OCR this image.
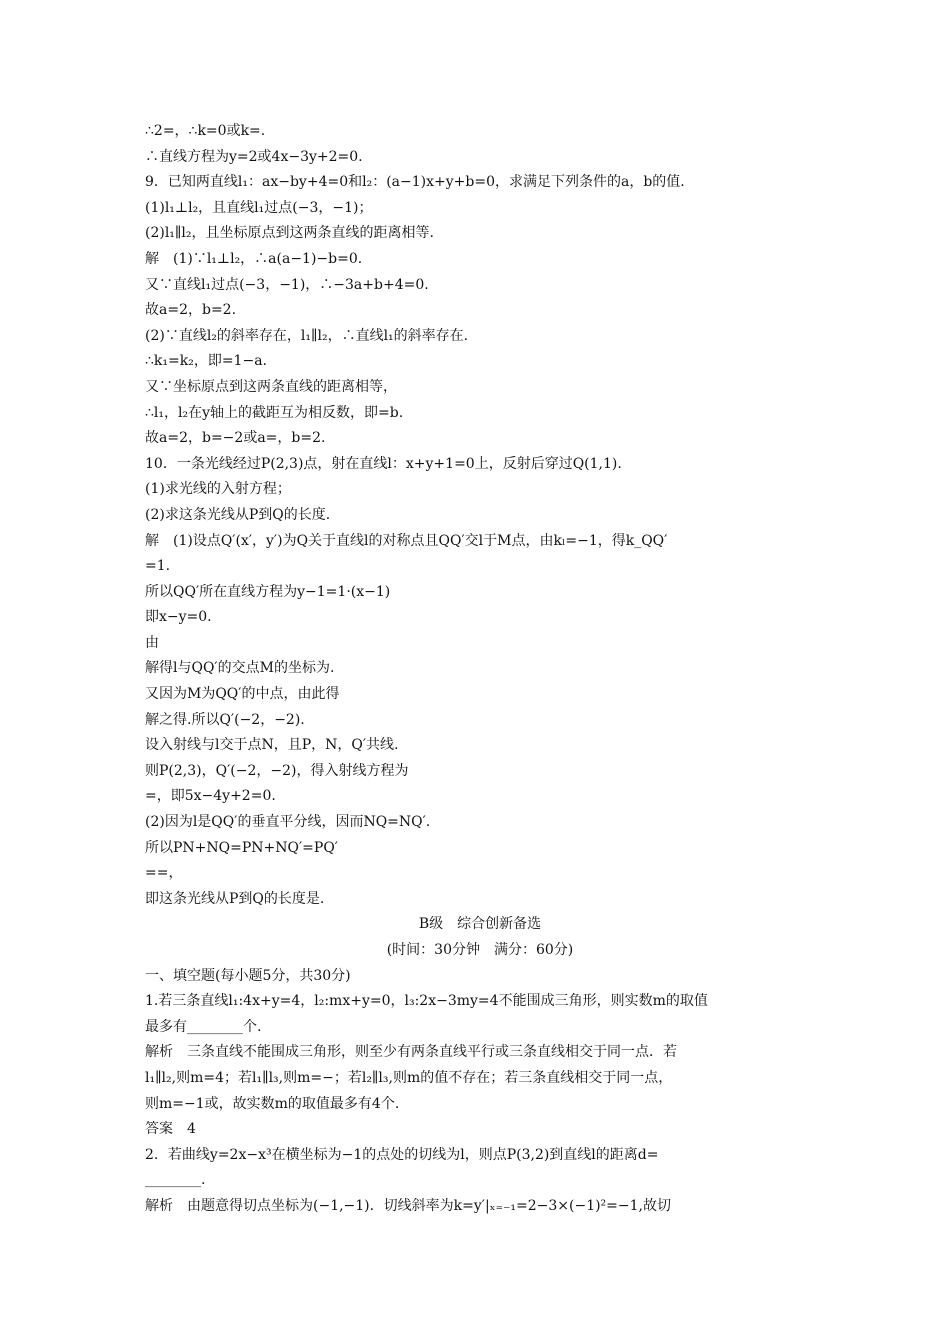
∴2=，∴k=0或k=.
∴直线方程为y=2或4x−3y+2=0.
9．已知两直线l₁：ax−by+4=0和l₂：(a−1)x+y+b=0，求满足下列条件的a，b的值.
(1)l₁⊥l₂，且直线l₁过点(−3，−1)；
(2)l₁∥l₂，且坐标原点到这两条直线的距离相等.
解　(1)∵l₁⊥l₂，∴a(a−1)−b=0.
又∵直线l₁过点(−3，−1)，∴−3a+b+4=0.
故a=2，b=2.
(2)∵直线l₂的斜率存在，l₁∥l₂，∴直线l₁的斜率存在.
∴k₁=k₂，即=1−a.
又∵坐标原点到这两条直线的距离相等，
∴l₁，l₂在y轴上的截距互为相反数，即=b.
故a=2，b=−2或a=，b=2.
10．一条光线经过P(2,3)点，射在直线l：x+y+1=0上，反射后穿过Q(1,1).
(1)求光线的入射方程；
(2)求这条光线从P到Q的长度.
解　(1)设点Q′(x′，y′)为Q关于直线l的对称点且QQ′交l于M点，由kₗ=−1，得k_QQ′
=1.
所以QQ′所在直线方程为y−1=1·(x−1)
即x−y=0.
由
解得l与QQ′的交点M的坐标为.
又因为M为QQ′的中点，由此得
解之得.所以Q′(−2，−2).
设入射线与l交于点N，且P，N，Q′共线.
则P(2,3)，Q′(−2，−2)，得入射线方程为
=，即5x−4y+2=0.
(2)因为l是QQ′的垂直平分线，因而NQ=NQ′.
所以PN+NQ=PN+NQ′=PQ′
==，
即这条光线从P到Q的长度是.
B级　综合创新备选
(时间：30分钟　满分：60分)
一、填空题(每小题5分，共30分)
1.若三条直线l₁:4x+y=4，l₂:mx+y=0，l₃:2x−3my=4不能围成三角形，则实数m的取值
最多有________个.
解析　三条直线不能围成三角形，则至少有两条直线平行或三条直线相交于同一点．若
l₁∥l₂,则m=4；若l₁∥l₃,则m=−；若l₂∥l₃,则m的值不存在；若三条直线相交于同一点，
则m=−1或，故实数m的取值最多有4个.
答案　4
2．若曲线y=2x−x³在横坐标为−1的点处的切线为l，则点P(3,2)到直线l的距离d=
________.
解析　由题意得切点坐标为(−1,−1)．切线斜率为k=y′|ₓ₌₋₁=2−3×(−1)²=−1,故切
